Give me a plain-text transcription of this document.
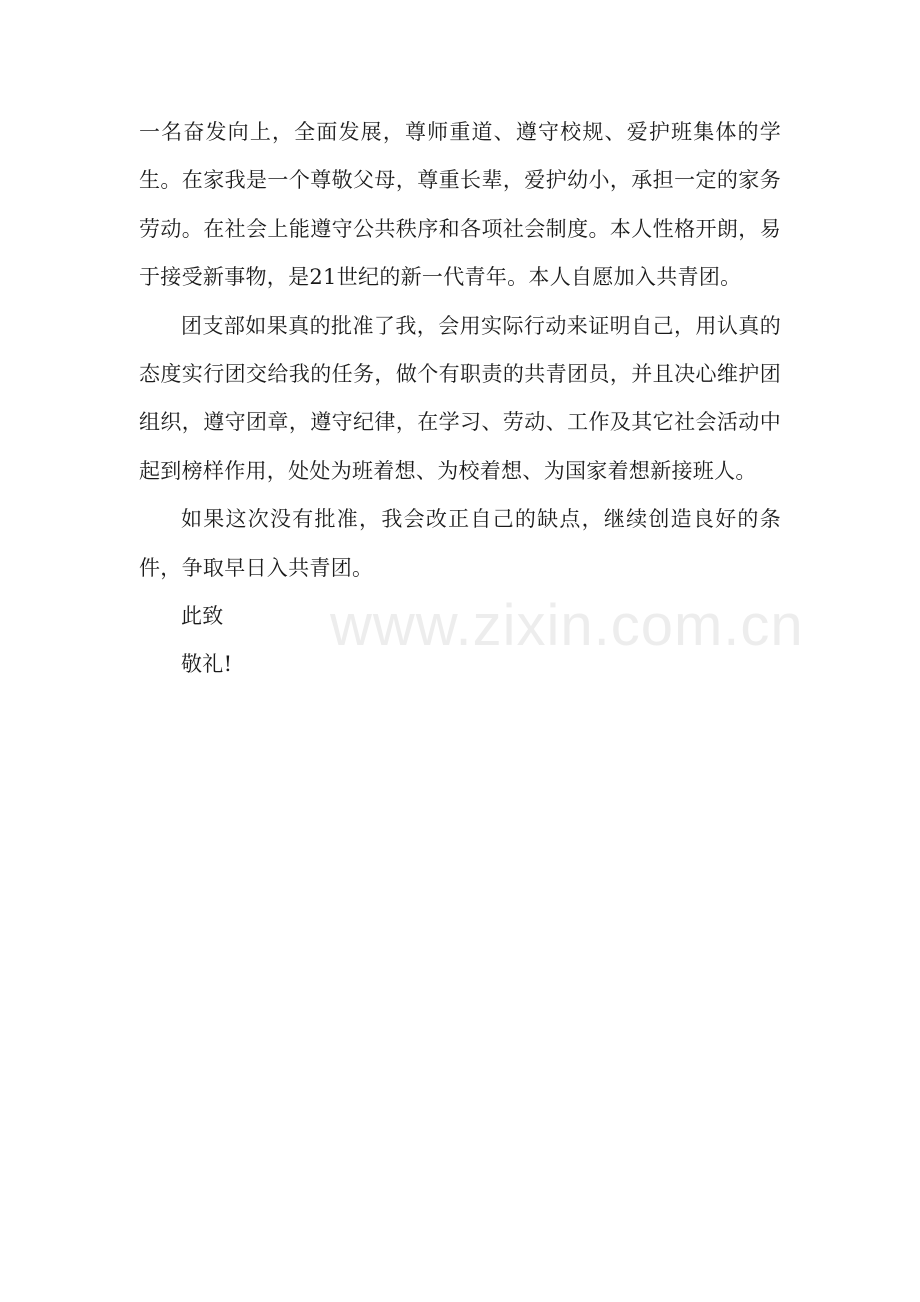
一名奋发向上，全面发展，尊师重道、遵守校规、爱护班集体的学生。在家我是一个尊敬父母，尊重长辈，爱护幼小，承担一定的家务劳动。在社会上能遵守公共秩序和各项社会制度。本人性格开朗，易于接受新事物，是21世纪的新一代青年。本人自愿加入共青团。

团支部如果真的批准了我，会用实际行动来证明自己，用认真的态度实行团交给我的任务，做个有职责的共青团员，并且决心维护团组织，遵守团章，遵守纪律，在学习、劳动、工作及其它社会活动中起到榜样作用，处处为班着想、为校着想、为国家着想新接班人。

如果这次没有批准，我会改正自己的缺点，继续创造良好的条件，争取早日入共青团。

此致

敬礼!

www.zixin.com.cn
